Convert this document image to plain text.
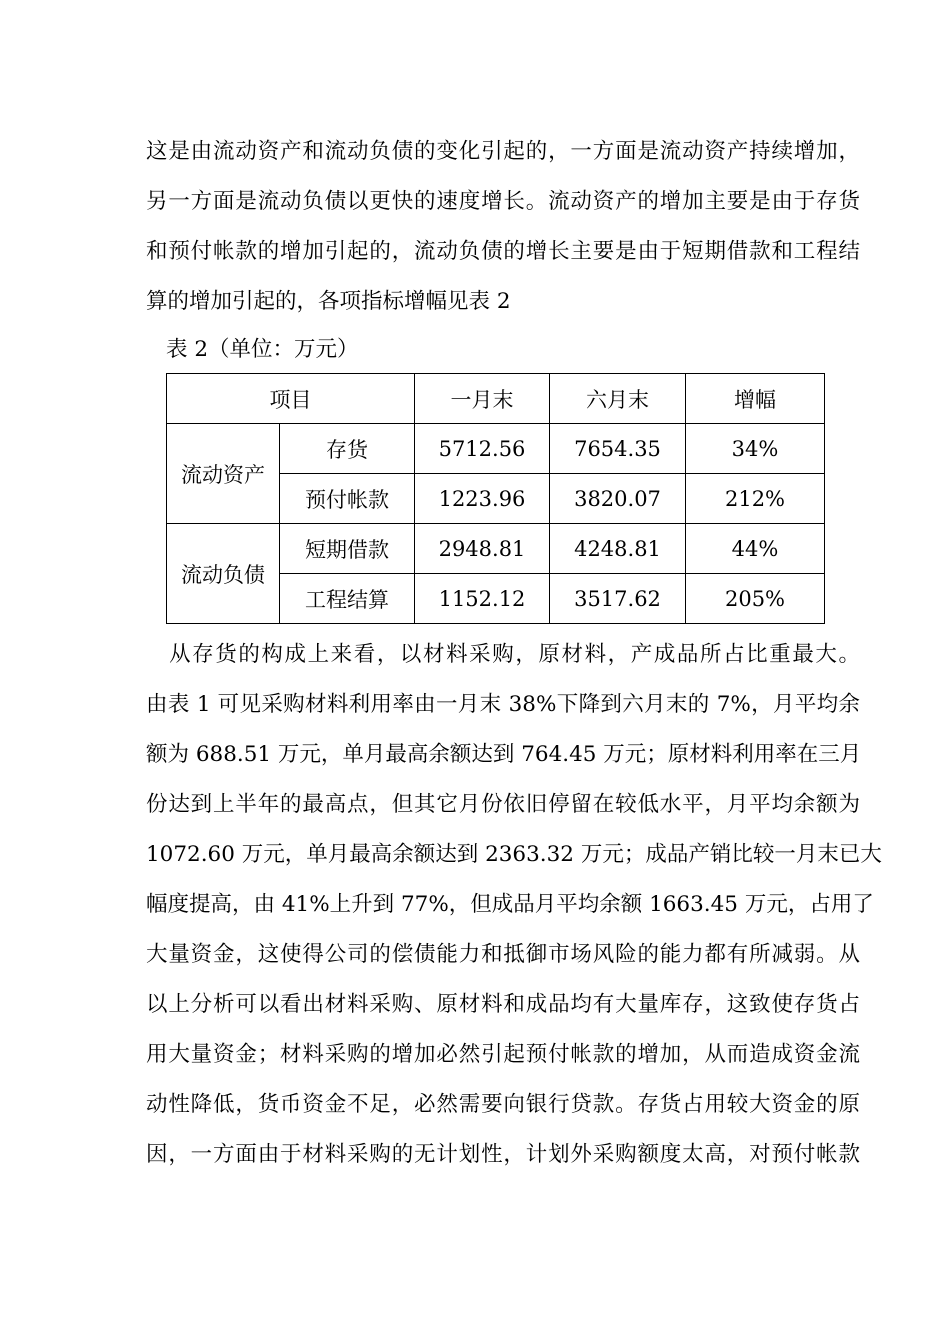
这是由流动资产和流动负债的变化引起的，一方面是流动资产持续增加，
另一方面是流动负债以更快的速度增长。流动资产的增加主要是由于存货
和预付帐款的增加引起的，流动负债的增长主要是由于短期借款和工程结
算的增加引起的，各项指标增幅见表 2
表 2（单位：万元）
项目		一月末	六月末	增幅
流动资产	存货	5712.56	7654.35	34%
	预付帐款	1223.96	3820.07	212%
流动负债	短期借款	2948.81	4248.81	44%
	工程结算	1152.12	3517.62	205%
　从存货的构成上来看，以材料采购，原材料，产成品所占比重最大。
由表 1 可见采购材料利用率由一月末 38%下降到六月末的 7%，月平均余
额为 688.51 万元，单月最高余额达到 764.45 万元；原材料利用率在三月
份达到上半年的最高点，但其它月份依旧停留在较低水平，月平均余额为
1072.60 万元，单月最高余额达到 2363.32 万元；成品产销比较一月末已大
幅度提高，由 41%上升到 77%，但成品月平均余额 1663.45 万元，占用了
大量资金，这使得公司的偿债能力和抵御市场风险的能力都有所减弱。从
以上分析可以看出材料采购、原材料和成品均有大量库存，这致使存货占
用大量资金；材料采购的增加必然引起预付帐款的增加，从而造成资金流
动性降低，货币资金不足，必然需要向银行贷款。存货占用较大资金的原
因，一方面由于材料采购的无计划性，计划外采购额度太高，对预付帐款
